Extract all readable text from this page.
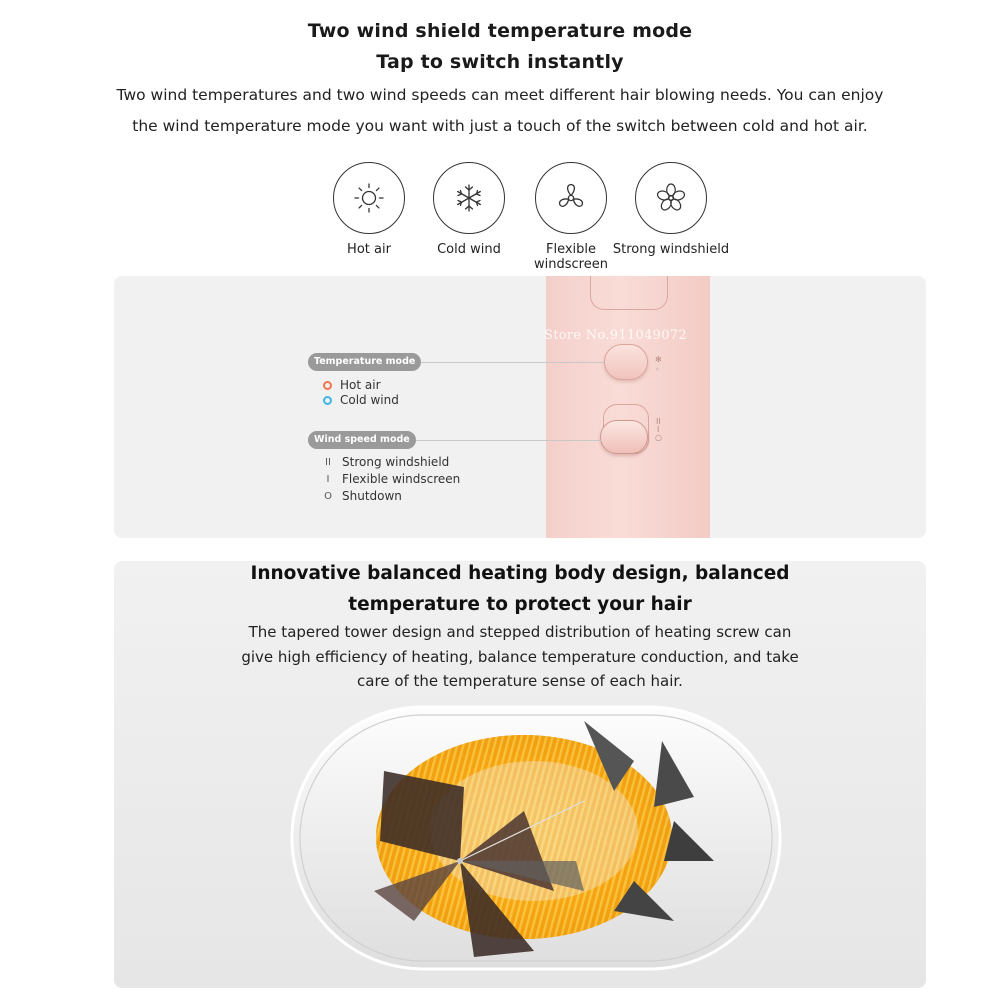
Two wind shield temperature mode
Tap to switch instantly
Two wind temperatures and two wind speeds can meet different hair blowing needs. You can enjoy
the wind temperature mode you want with just a touch of the switch between cold and hot air.
Hot air	Cold wind	Flexible
windscreen
Strong windshield
✻
◦
II
I
○
Store No.911049072
Temperature mode
Hot air
Cold wind
Wind speed mode
II Strong windshield
I Flexible windscreen
O Shutdown
Innovative balanced heating body design, balanced
temperature to protect your hair
The tapered tower design and stepped distribution of heating screw can
give high efficiency of heating, balance temperature conduction, and take
care of the temperature sense of each hair.
